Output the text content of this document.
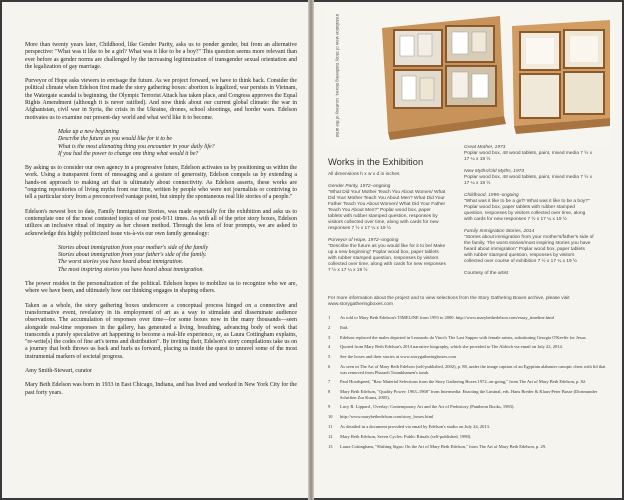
More than twenty years later, Childhood, like Gender Parity, asks us to ponder gender, but from an alternative perspective: "What was it like to be a girl? What was it like to be a boy?" This question seems more relevant than ever before as gender norms are challenged by the increasing legitimization of transgender sexual orientation and the legalization of gay marriage.

Purveyor of Hope asks viewers to envisage the future. As we project forward, we have to think back. Consider the political climate when Edelson first made the story gathering boxes: abortion is legalized, war persists in Vietnam, the Watergate scandal is beginning, the Olympic Terrorist Attack has taken place, and Congress approves the Equal Rights Amendment (although it is never ratified). And now think about our current global climate: the war in Afghanistan, civil war in Syria, the crisis in the Ukraine, drones, school shootings, and border wars. Edelson motivates us to examine our present-day world and what we'd like it to become.

Make up a new beginning
Describe the future as you would like for it to be
What is the most alienating thing you encounter in your daily life?
If you had the power to change one thing what would it be?

By asking us to consider our own agency in a progressive future, Edelson activates us by positioning us within the work. Using a transparent form of messaging and a gesture of generosity, Edelson compels us by extending a hands-on approach to making art that is ultimately about connectivity. As Edelson asserts, these works are "ongoing repositories of living myths from our time, written by people who were not journalists or contriving to tell a particular story from a preconceived vantage point, but simply the spontaneous real life stories of a people."

Edelson's newest box to date, Family Immigration Stories, was made especially for the exhibition and asks us to contemplate one of the most contested topics of our post-9/11 times. As with all of the prior story boxes, Edelson utilizes an inclusive ritual of inquiry as her chosen method. Through the lens of four prompts, we are asked to acknowledge this highly politicized issue vis-à-vis our own family genealogy:

Stories about immigration from your mother's side of the family
Stories about immigration from your father's side of the family.
The worst stories you have heard about immigration.
The most inspiring stories you have heard about immigration.

The power resides in the personalization of the political. Edelson hopes to mobilize us to recognize who we are, where we have been, and ultimately how our thinking engages in shaping others.

Taken as a whole, the story gathering boxes underscore a conceptual process hinged on a connective and transformative event, revelatory in its employment of art as a way to stimulate and disseminate audience observations. The accumulation of responses over time—for some boxes now in the many thousands—seen alongside real-time responses in the gallery, has generated a living, breathing, advancing body of work that transcends a purely speculative art happening to become a real-life experience, or, as Laura Cottingham explains, "re-write[s] the codes of fine art's terms and distribution". By inviting their, Edelson's story compilations take us on a journey that both throws us back and hurls us forward, placing us inside the quest to unravel some of the most instrumental markers of societal progress.

Amy Smith-Stewart, curator

Mary Beth Edelson was born in 1933 in East Chicago, Indiana, and has lived and worked in New York City for the past forty years.

Installation view of Story Gathering Boxes, courtesy of the artist
Works in the Exhibition
All dimensions h x w x d in inches
Gender Parity, 1972–ongoing
"What Did Your Mother Teach You About Women/ What Did Your Mother Teach You About Men? What Did Your Father Teach You About Women/ What Did Your Father Teach You About Men?" Poplar wood box, paper tablets with rubber stamped question, responses by visitors collected over time, along with cards for new responses 7 ½ x 17 ¼ x 19 ½
Purveyor of Hope, 1972–ongoing
"Describe the future as you would like for it to be/ Make up a new beginning" Poplar wood box, paper tablets with rubber stamped question, responses by visitors collected over time, along with cards for new responses 7 ½ x 17 ¼ x 19 ½
Great Mother, 1973
Poplar wood box, 48 wood tablets, paint, mixed media 7 ½ x 17 ¼ x 19 ½
New Myths/Old Myths, 1973
Poplar wood box, 48 wood tablets, paint, mixed media 7 ½ x 17 ¼ x 19 ½
Childhood, 1995–ongoing
"What was it like to be a girl? What was it like to be a boy?" Poplar wood box, paper tablets with rubber stamped question, responses by visitors collected over time, along with cards for new responses 7 ½ x 17 ¼ x 19 ½
Family Immigration Stories, 2014
"Stories about immigration from your mother's/father's side of the family. The worst stories/most inspiring stories you have heard about immigration" Poplar wood box, paper tablets with rubber stamped question, responses by visitors collected over course of exhibition 7 ½ x 17 ¼ x 19 ½
Courtesy of the artist
For more information about the project and to view selections from the Story Gathering Boxes archive, please visit www.storygatheringboxes.com
1 As told to Mary Beth Edelson's TIMELINE from 1993 to 2000. http://www.marybethedelson.com/essay_timeline.html
2 Ibid.
3 Edelson replaced the males depicted in Leonardo da Vinci's The Last Supper with female artists, substituting Georgia O'Keeffe for Jesus.
4 Quoted from Mary Beth Edelson's 2014 narrative biography, which she provided to The Aldrich via email on July 22, 2014.
5 See the boxes and their stories at www.storygatheringboxes.com
6 As seen in The Art of Mary Beth Edelson (self-published, 2002), p. 88, under the image caption of an Egyptian alabaster canopic chest with lid that was removed from Pharaoh Tutankhamen's tomb.
7 Paul Hoodspeed, "Raw Material Selections from the Story Gathering Boxes 1972–on-going," from The Art of Mary Beth Edelson, p. 82.
8 Mary Beth Edelson, "Quality Power: 1963–1968" from Intermedia: Enacting the Liminal, eds. Hans Breder & Klaus-Peter Busse (Dortmunder Schriften Zur Kunst, 2005).
9 Lucy R. Lippard , Overlay: Contemporary Art and the Art of Prehistory (Pantheon Books, 1983).
10 http://www.marybethedelson.com/story_boxes.html
11 As detailed in a document provided via email by Edelson's studio on July 24, 2013.
12 Mary Beth Edelson, Seven Cycles: Public Rituals (self-published, 1980).
13 Laura Cottingham, "Shifting Signs: On the Art of Mary Beth Edelson," from The Art of Mary Beth Edelson, p. 29.
